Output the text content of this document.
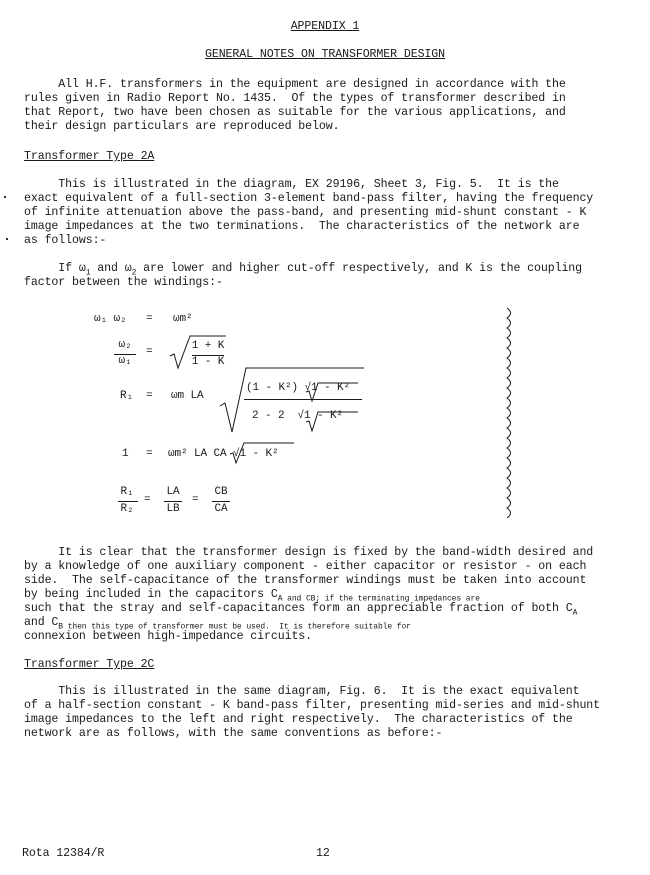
APPENDIX 1
GENERAL NOTES ON TRANSFORMER DESIGN
All H.F. transformers in the equipment are designed in accordance with the
rules given in Radio Report No. 1435.  Of the types of transformer described in
that Report, two have been chosen as suitable for the various applications, and
their design particulars are reproduced below.
Transformer Type 2A
This is illustrated in the diagram, EX 29196, Sheet 3, Fig. 5.  It is the
exact equivalent of a full-section 3-element band-pass filter, having the frequency
of infinite attenuation above the pass-band, and presenting mid-shunt constant - K
image impedances at the two terminations.  The characteristics of the network are
as follows:-
If $\omega_1$ and $\omega_2$ are lower and higher cut-off respectively, and K is the coupling
factor between the windings:-
ω₁ ω₂ = ωm²
ω₂
ω₁
=	1 + K
1 - K
R₁ = ωm LA
(1 - K²) √1 - K²
2 - 2  √1 - K²
1 = ωm² LA CA √1 - K²
R₁
R₂
=
LA
LB
=
CB
CA
It is clear that the transformer design is fixed by the band-width desired and
by a knowledge of one auxiliary component - either capacitor or resistor - on each
side.  The self-capacitance of the transformer windings must be taken into account
by being included in the capacitors $C_{A and CB; if the terminating impedances are}$
such that the stray and self-capacitances form an appreciable fraction of both $C_A$
and $C_{B then this type of transformer must be used. It is therefore suitable for}$
connexion between high-impedance circuits.
Transformer Type 2C
This is illustrated in the same diagram, Fig. 6.  It is the exact equivalent
of a half-section constant - K band-pass filter, presenting mid-series and mid-shunt
image impedances to the left and right respectively.  The characteristics of the
network are as follows, with the same conventions as before:-
Rota 12384/R	12
